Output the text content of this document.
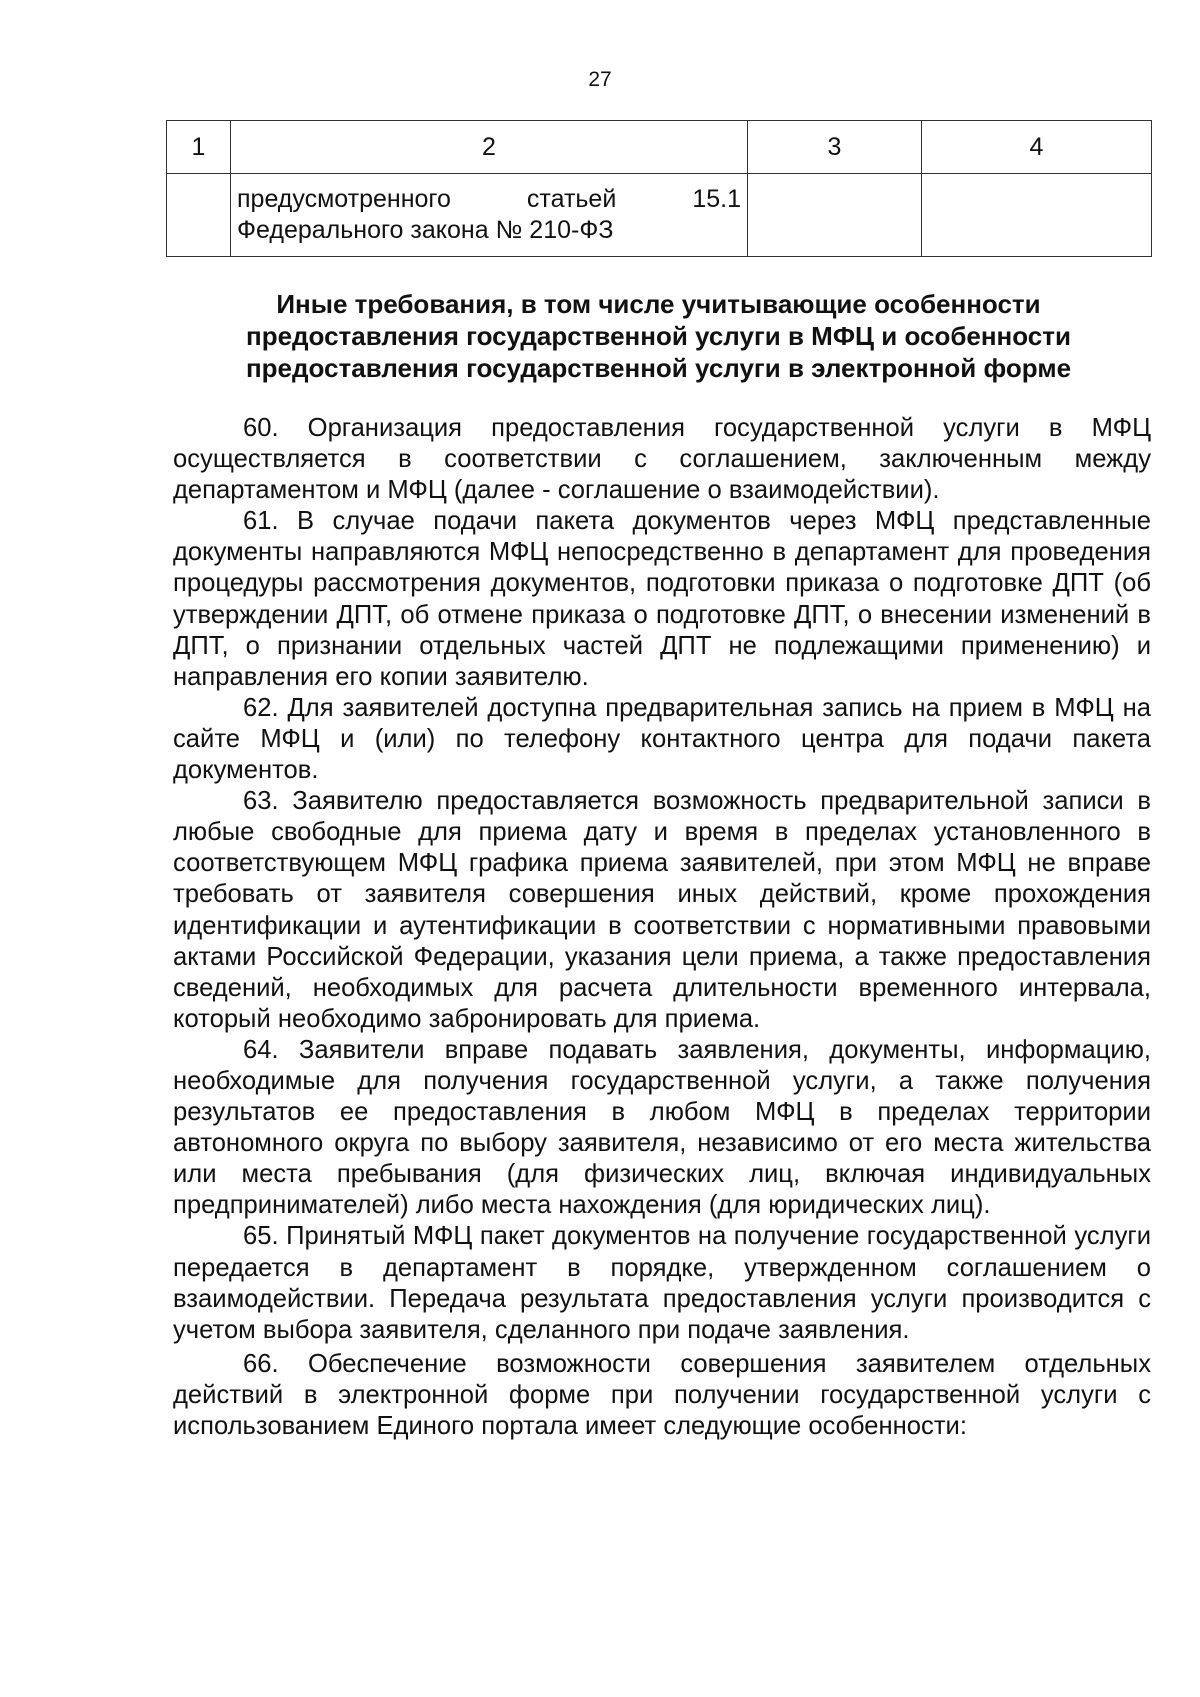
27
1	2	3	4

	предусмотренного статьей 15.1
Федерального закона № 210-ФЗ		

Иные требования, в том числе учитывающие особенности
предоставления государственной услуги в МФЦ и особенности
предоставления государственной услуги в электронной форме

60. Организация предоставления государственной услуги в МФЦ осуществляется в соответствии с соглашением, заключенным между департаментом и МФЦ (далее - соглашение о взаимодействии).

61. В случае подачи пакета документов через МФЦ представленные документы направляются МФЦ непосредственно в департамент для проведения процедуры рассмотрения документов, подготовки приказа о подготовке ДПТ (об утверждении ДПТ, об отмене приказа о подготовке ДПТ, о внесении изменений в ДПТ, о признании отдельных частей ДПТ не подлежащими применению) и направления его копии заявителю.

62. Для заявителей доступна предварительная запись на прием в МФЦ на сайте МФЦ и (или) по телефону контактного центра для подачи пакета документов.

63. Заявителю предоставляется возможность предварительной записи в любые свободные для приема дату и время в пределах установленного в соответствующем МФЦ графика приема заявителей, при этом МФЦ не вправе требовать от заявителя совершения иных действий, кроме прохождения идентификации и аутентификации в соответствии с нормативными правовыми актами Российской Федерации, указания цели приема, а также предоставления сведений, необходимых для расчета длительности временного интервала, который необходимо забронировать для приема.

64. Заявители вправе подавать заявления, документы, информацию, необходимые для получения государственной услуги, а также получения результатов ее предоставления в любом МФЦ в пределах территории автономного округа по выбору заявителя, независимо от его места жительства или места пребывания (для физических лиц, включая индивидуальных предпринимателей) либо места нахождения (для юридических лиц).

65. Принятый МФЦ пакет документов на получение государственной услуги передается в департамент в порядке, утвержденном соглашением о взаимодействии. Передача результата предоставления услуги производится с учетом выбора заявителя, сделанного при подаче заявления.

66. Обеспечение возможности совершения заявителем отдельных действий в электронной форме при получении государственной услуги с использованием Единого портала имеет следующие особенности:
